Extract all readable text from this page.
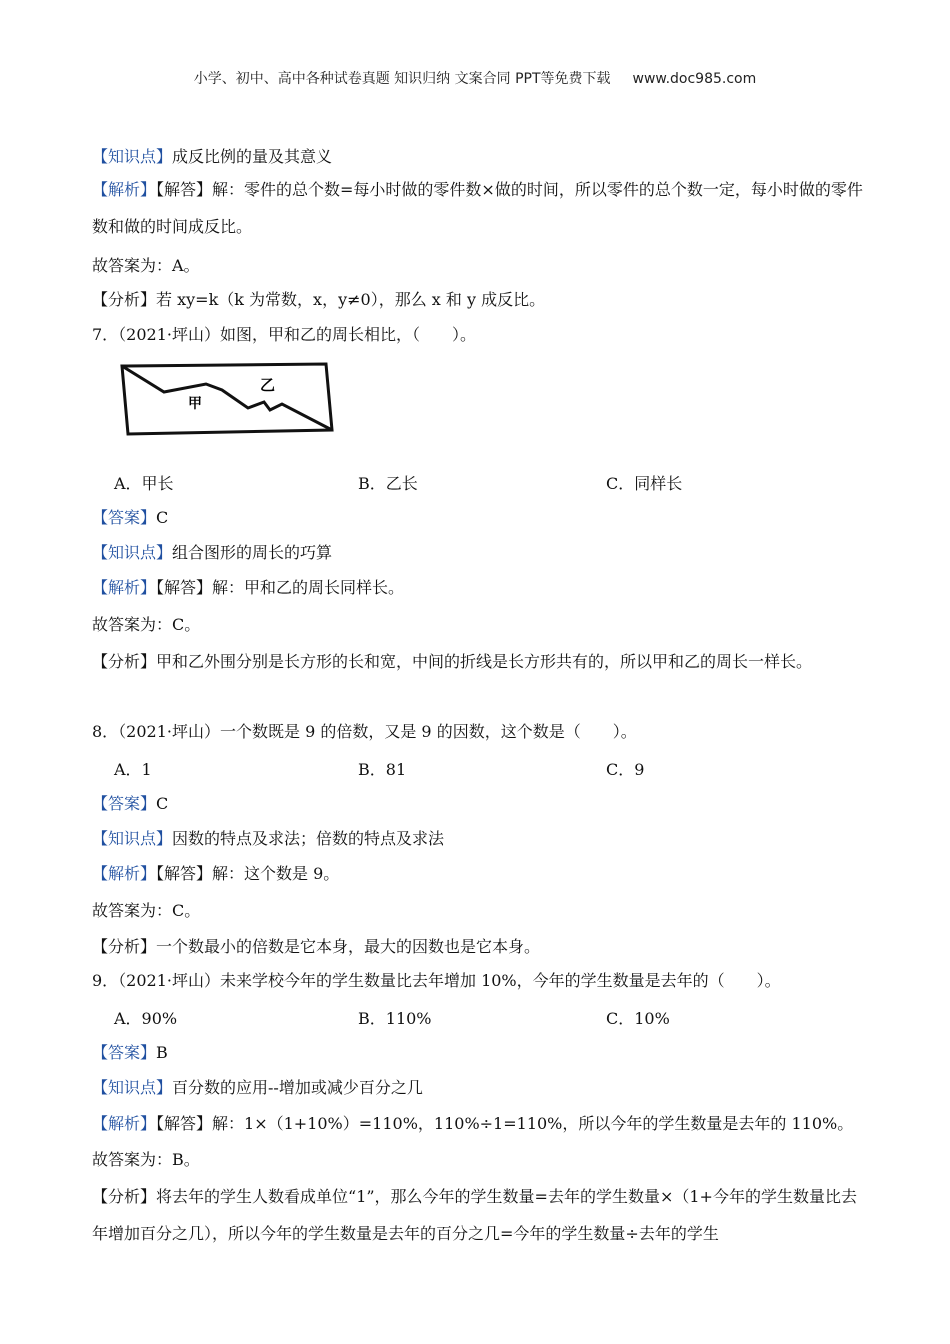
小学、初中、高中各种试卷真题 知识归纳 文案合同 PPT等免费下载 www.doc985.com
【知识点】成反比例的量及其意义
【解析】【解答】解：零件的总个数=每小时做的零件数×做的时间，所以零件的总个数一定，每小时做的零件数和做的时间成反比。
故答案为：A。
【分析】若 xy=k（k 为常数，x，y≠0），那么 x 和 y 成反比。
7．（2021·坪山）如图，甲和乙的周长相比，（　　）。
甲
乙
A．甲长	B．乙长	C．同样长
【答案】C
【知识点】组合图形的周长的巧算
【解析】【解答】解：甲和乙的周长同样长。
故答案为：C。
【分析】甲和乙外围分别是长方形的长和宽，中间的折线是长方形共有的，所以甲和乙的周长一样长。
8．（2021·坪山）一个数既是 9 的倍数，又是 9 的因数，这个数是（　　）。
A．1	B．81	C．9
【答案】C
【知识点】因数的特点及求法；倍数的特点及求法
【解析】【解答】解：这个数是 9。
故答案为：C。
【分析】一个数最小的倍数是它本身，最大的因数也是它本身。
9．（2021·坪山）未来学校今年的学生数量比去年增加 10%，今年的学生数量是去年的（　　）。
A．90%	B．110%	C．10%
【答案】B
【知识点】百分数的应用--增加或减少百分之几
【解析】【解答】解：1×（1+10%）=110%，110%÷1=110%，所以今年的学生数量是去年的 110%。
故答案为：B。
【分析】将去年的学生人数看成单位“1”，那么今年的学生数量=去年的学生数量×（1+今年的学生数量比去年增加百分之几），所以今年的学生数量是去年的百分之几=今年的学生数量÷去年的学生
